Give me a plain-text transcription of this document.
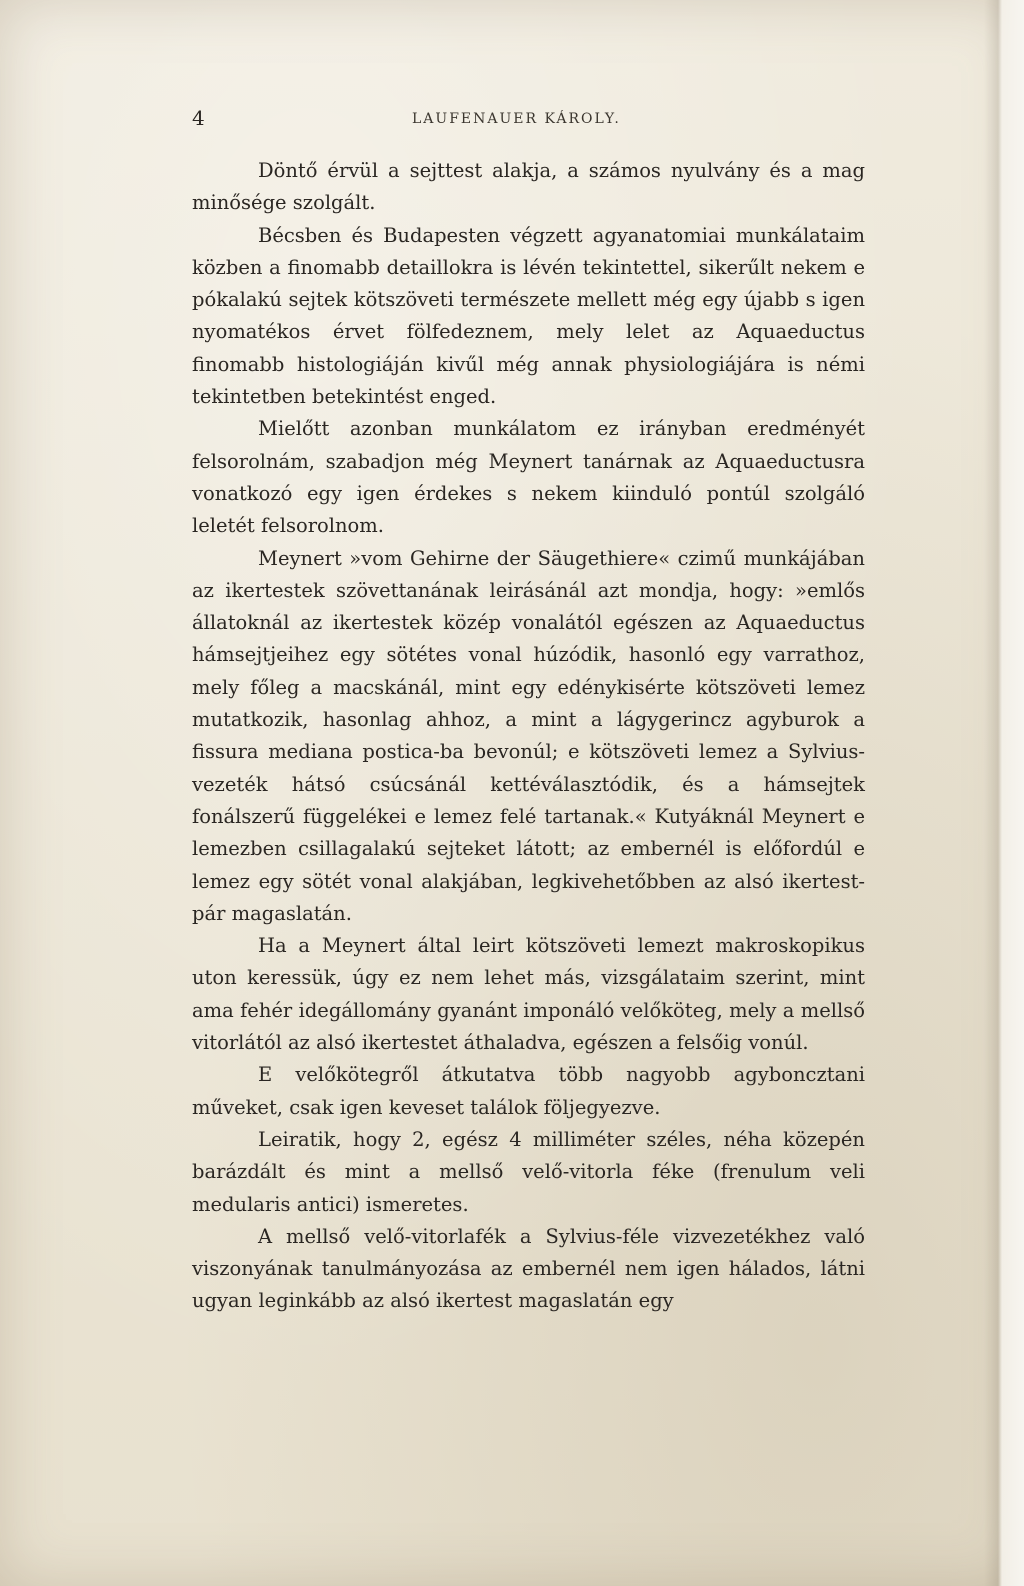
4	LAUFENAUER KÁROLY.

Döntő érvül a sejttest alakja, a számos nyulvány és a mag minősége szolgált.

Bécsben és Budapesten végzett agyanatomiai munkálataim közben a finomabb detaillokra is lévén tekintettel, sikerűlt nekem e pókalakú sejtek kötszöveti természete mellett még egy újabb s igen nyomatékos érvet fölfedeznem, mely lelet az Aquaeductus finomabb histologiáján kivűl még annak physiologiájára is némi tekintetben betekintést enged.

Mielőtt azonban munkálatom ez irányban eredményét felsorolnám, szabadjon még Meynert tanárnak az Aquaeductusra vonatkozó egy igen érdekes s nekem kiinduló pontúl szolgáló leletét felsorolnom.

Meynert »vom Gehirne der Säugethiere« czimű munkájában az ikertestek szövettanának leirásánál azt mondja, hogy: »emlős állatoknál az ikertestek közép vonalától egészen az Aquaeductus hámsejtjeihez egy sötétes vonal húzódik, hasonló egy varrathoz, mely főleg a macskánál, mint egy edénykisérte kötszöveti lemez mutatkozik, hasonlag ahhoz, a mint a lágygerincz agyburok a fissura mediana postica-ba bevonúl; e kötszöveti lemez a Sylvius-vezeték hátsó csúcsánál kettéválasztódik, és a hámsejtek fonálszerű függelékei e lemez felé tartanak.« Kutyáknál Meynert e lemezben csillagalakú sejteket látott; az embernél is előfordúl e lemez egy sötét vonal alakjában, legkivehetőbben az alsó ikertest-pár magaslatán.

Ha a Meynert által leirt kötszöveti lemezt makroskopikus uton keressük, úgy ez nem lehet más, vizsgálataim szerint, mint ama fehér idegállomány gyanánt imponáló velőköteg, mely a mellső vitorlától az alsó ikertestet áthaladva, egészen a felsőig vonúl.

E velőkötegről átkutatva több nagyobb agyboncztani műveket, csak igen keveset találok följegyezve.

Leiratik, hogy 2, egész 4 milliméter széles, néha közepén barázdált és mint a mellső velő-vitorla féke (frenulum veli medularis antici) ismeretes.

A mellső velő-vitorlafék a Sylvius-féle vizvezetékhez való viszonyának tanulmányozása az embernél nem igen hálados, látni ugyan leginkább az alsó ikertest magaslatán egy
